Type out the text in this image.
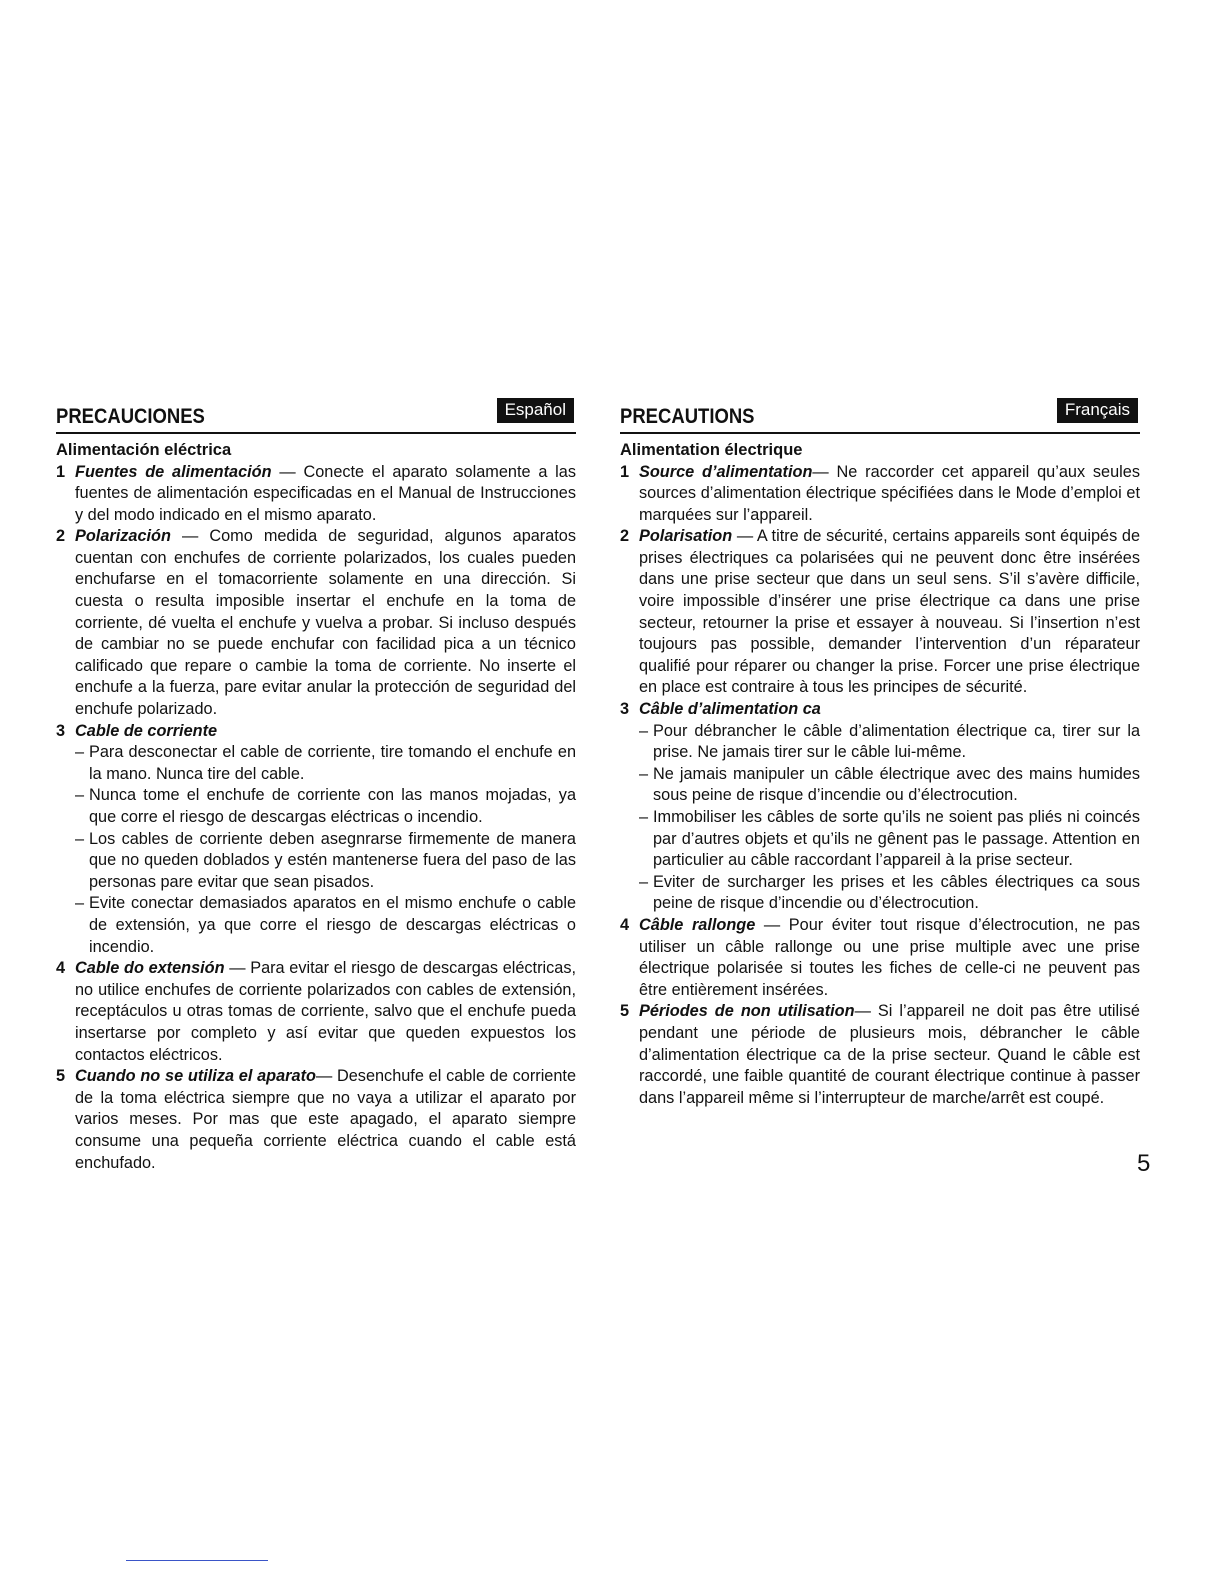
PRECAUCIONES	Español
Alimentación eléctrica
1 Fuentes de alimentación — Conecte el aparato solamente a las fuentes de alimentación especificadas en el Manual de Instrucciones y del modo indicado en el mismo aparato.
2 Polarización — Como medida de seguridad, algunos aparatos cuentan con enchufes de corriente polarizados, los cuales pueden enchufarse en el tomacorriente solamente en una dirección. Si cuesta o resulta imposible insertar el enchufe en la toma de corriente, dé vuelta el enchufe y vuelva a probar. Si incluso después de cambiar no se puede enchufar con facilidad pica a un técnico calificado que repare o cambie la toma de corriente. No inserte el enchufe a la fuerza, pare evitar anular la protección de seguridad del enchufe polarizado.
3 Cable de corriente
– Para desconectar el cable de corriente, tire tomando el enchufe en la mano. Nunca tire del cable.
– Nunca tome el enchufe de corriente con las manos mojadas, ya que corre el riesgo de descargas eléctricas o incendio.
– Los cables de corriente deben asegnrarse firmemente de manera que no queden doblados y estén mantenerse fuera del paso de las personas pare evitar que sean pisados.
– Evite conectar demasiados aparatos en el mismo enchufe o cable de extensión, ya que corre el riesgo de descargas eléctricas o incendio.
4 Cable do extensión — Para evitar el riesgo de descargas eléctricas, no utilice enchufes de corriente polarizados con cables de extensión, receptáculos u otras tomas de corriente, salvo que el enchufe pueda insertarse por completo y así evitar que queden expuestos los contactos eléctricos.
5 Cuando no se utiliza el aparato— Desenchufe el cable de corriente de la toma eléctrica siempre que no vaya a utilizar el aparato por varios meses. Por mas que este apagado, el aparato siempre consume una pequeña corriente eléctrica cuando el cable está enchufado.
PRECAUTIONS	Français
Alimentation électrique
1 Source d’alimentation— Ne raccorder cet appareil qu’aux seules sources d’alimentation électrique spécifiées dans le Mode d’emploi et marquées sur l’appareil.
2 Polarisation — A titre de sécurité, certains appareils sont équipés de prises électriques ca polarisées qui ne peuvent donc être insérées dans une prise secteur que dans un seul sens. S’il s’avère difficile, voire impossible d’insérer une prise électrique ca dans une prise secteur, retourner la prise et essayer à nouveau. Si l’insertion n’est toujours pas possible, demander l’intervention d’un réparateur qualifié pour réparer ou changer la prise. Forcer une prise électrique en place est contraire à tous les principes de sécurité.
3 Câble d’alimentation ca
– Pour débrancher le câble d’alimentation électrique ca, tirer sur la prise. Ne jamais tirer sur le câble lui-même.
– Ne jamais manipuler un câble électrique avec des mains humides sous peine de risque d’incendie ou d’électrocution.
– Immobiliser les câbles de sorte qu’ils ne soient pas pliés ni coincés par d’autres objets et qu’ils ne gênent pas le passage. Attention en particulier au câble raccordant l’appareil à la prise secteur.
– Eviter de surcharger les prises et les câbles électriques ca sous peine de risque d’incendie ou d’électrocution.
4 Câble rallonge — Pour éviter tout risque d’électrocution, ne pas utiliser un câble rallonge ou une prise multiple avec une prise électrique polarisée si toutes les fiches de celle-ci ne peuvent pas être entièrement insérées.
5 Périodes de non utilisation— Si l’appareil ne doit pas être utilisé pendant une période de plusieurs mois, débrancher le câble d’alimentation électrique ca de la prise secteur. Quand le câble est raccordé, une faible quantité de courant électrique continue à passer dans l’appareil même si l’interrupteur de marche/arrêt est coupé.
5
